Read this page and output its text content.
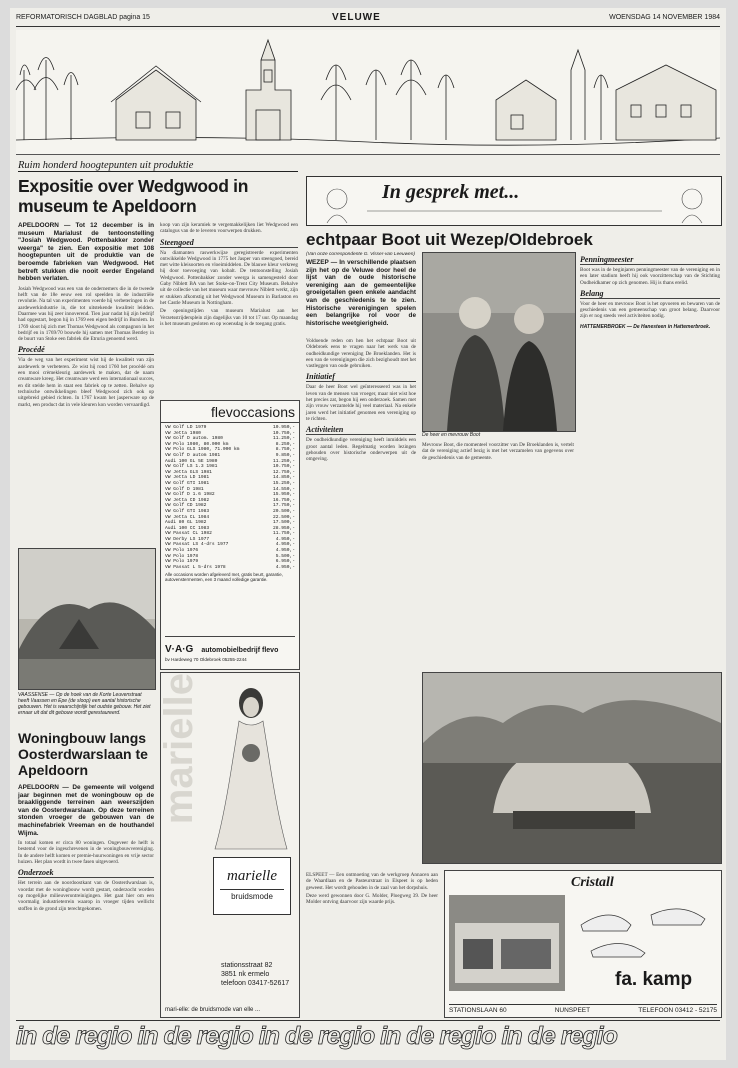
REFORMATORISCH DAGBLAD pagina 15	VELUWE	WOENSDAG 14 NOVEMBER 1984
Ruim honderd hoogtepunten uit produktie
Expositie over Wedgwood in museum te Apeldoorn
APELDOORN — Tot 12 december is in museum Marialust de tentoonstelling "Josiah Wedgwood. Pottenbakker zonder weerga" te zien. Een expositie met 108 hoogtepunten uit de produktie van de beroemde fabrieken van Wedgwood. Het betreft stukken die nooit eerder Engeland hebben verlaten.
Josiah Wedgwood was een van de ondernemers die in de tweede helft van de 18e eeuw een rol speelden in de industriële revolutie. Na tal van experimenten voerde hij verbeteringen in de aardewerkindustrie in, die tot uitstekende kwaliteit leidden. Daarmee was hij zeer innoverend. Tien jaar nadat hij zijn bedrijf had opgestart, begon hij in 1769 een eigen bedrijf in Burslem. In 1769 sloot hij zich met Thomas Wedgwood als compagnon in het bedrijf en in 1769/70 bouwde hij samen met Thomas Bentley in de buurt van Stoke een fabriek die Etruria genoemd werd.
Procédé
Via de weg van het experiment wist hij de kwaliteit van zijn aardewerk te verbeteren. Ze wist hij rond 1760 het procédé om een mooi crèmekleurig aardewerk te maken, dat de naam creamware kreeg. Het creamware werd een internationaal succes, en dit stelde hem in staat een fabriek op te zetten. Behalve op technische ontwikkelingen bleef Wedgwood zich ook op uitgebreid gebied richten. In 1767 kwam het jasperware op de markt, een product dat in vele kleuren kon worden vervaardigd.
koop van zijn keramiek te vergemakkelijken liet Wedgwood een catalogus van de te leveren voorwerpen drukken.
Steengoed
Na diamanten raswerkwijze geregistreerde experimenten ontwikkelde Wedgwood in 1775 het Jasper van steengoed, bereid met witte kleisoorten en vloeimiddelen. De blauwe kleur verkreeg hij door toevoeging van kobalt. De tentoonstelling Josiah Wedgwood. Pottenbakker zonder weerga is samengesteld door Gaby Niblett BA van het Stoke-on-Trent City Museum. Behalve uit de collectie van het museum waar mevrouw Niblett werkt, zijn er stukken afkomstig uit het Wedgwood Museum in Barlaston en het Castle Museum in Nottingham.
De openingstijden van museum Marialust aan het Verzetsstrijdersplein zijn dagelijks van 10 tot 17 uur. Op maandag is het museum gesloten en op woensdag is de toegang gratis.
VAASSENSE — Op de hoek van de Korte Leuvenstraat heeft Vaassen en Epe (de sloop) een aantal historische gebouwen. Het is waarschijnlijk het oudste gebouw. Het ziet ernaar uit dat dit gebouw wordt gerestaureerd.
Woningbouw langs Oosterdwarslaan te Apeldoorn
APELDOORN — De gemeente wil volgend jaar beginnen met de woningbouw op de braakliggende terreinen aan weerszijden van de Oosterdwarslaan. Op deze terreinen stonden vroeger de gebouwen van de machinefabriek Vreeman en de houthandel Wijma.
In totaal komen er circa 80 woningen. Ongeveer de helft is bestemd voor de ingeschrevenen in de woningbouwvereniging. In de andere helft komen er premie-huurwoningen en vrije sector huizen. Het plan wordt in twee fasen uitgevoerd.
Onderzoek
Het terrein aan de noordoostkant van de Oosterdwarslaan is, voordat met de woningbouw wordt gestart, onderzocht worden op mogelijke milieuverontreinigingen. Het gaat hier om een voormalig industrieterrein waarop in vroeger tijden wellicht stoffen in de grond zijn terechtgekomen.
flevoccasions
VW Golf LD 1979	10.950,-
VW Jetta 1980	10.750,-
VW Golf D autom. 1980	11.250,-
VW Polo 1980, 80.000 km	8.250,-
VW Polo GLS 1980, 71.000 km	8.750,-
VW Golf D autom 1981	9.850,-
Audi 100 GL 5E 1980	11.250,-
VW Golf LS 1.3 1981	10.750,-
VW Jetta GLS 1981	12.750,-
VW Jetta LD 1981	14.850,-
VW Golf GTI 1981	15.250,-
VW Golf D 1981	14.550,-
VW Golf D 1.6 1982	15.950,-
VW Jetta CD 1982	16.750,-
VW Golf CD 1982	17.750,-
VW Golf GTI 1983	20.500,-
VW Jetta CL 1984	22.500,-
Audi 80 GL 1982	17.500,-
Audi 100 CC 1983	28.950,-
VW Passat CL 1982	11.750,-
VW Derby LS 1977	4.950,-
VW Passat LS 4-drs 1977	4.950,-
VW Polo 1976	4.950,-
VW Polo 1978	5.500,-
VW Polo 1979	6.950,-
VW Passat L 5-drs 1978	4.950,-
Alle occasions worden afgeleverd met, gratis beurt, garantie, autovenstermenten, een 3 maand volledige garantie.
V·A·G automobielbedrijf flevo
bv Hardeweg 70 Oldebroek 05255-2244
marielle
marielle
bruidsmode
stationsstraat 82
3851 nk ermelo
telefoon 03417-52617
mari-elle: de bruidsmode van elle ...
In gesprek met...
echtpaar Boot uit Wezep/Oldebroek
(Van onze correspondente G. Visser-van Leeuwen)
WEZEP — In verschillende plaatsen zijn het op de Veluwe door heel de lijst van de oude historische vereniging aan de gemeentelijke groeigetallen geen enkele aandacht van de geschiedenis te te zien. Historische verenigingen spelen een belangrijke rol voor de historische weetgierigheid.
Voldoende reden om hen het echtpaar Boot uit Oldebroek eens te vragen naar het werk van de oudheidkundige vereniging De Broeklanden. Het is een van de verenigingen die zich bezighoudt met het vastleggen van oude gebruiken.
Initiatief
Daar de heer Boot wel geïnteresseerd was in het leven van de mensen van vroeger, maar niet wist hoe het precies zat, begon hij een onderzoek. Samen met zijn vrouw verzamelde hij veel materiaal. Na enkele jaren werd het initiatief genomen een vereniging op te richten.
Activiteiten
De oudheidkundige vereniging heeft inmiddels een groot aantal leden. Regelmatig worden lezingen gehouden over historische onderwerpen uit de omgeving.
De heer en mevrouw Boot
Mevrouw Boot, die momenteel voorzitter van De Broeklanden is, vertelt dat de vereniging actief bezig is met het verzamelen van gegevens over de geschiedenis van de gemeente.
Penningmeester
Boot was in de beginjaren penningmeester van de vereniging en in een later stadium heeft hij ook voorzitterschap van de Stichting Oudheidkamer op zich genomen. Hij is thans erelid.
Belang
Voor de heer en mevrouw Boot is het opvoeren en bewaren van de geschiedenis van een gemeenschap van groot belang. Daarvoor zijn er nog steeds veel activiteiten nodig.
HATTEMERBROEK — De Hanesteen in Hattemerbroek.
ELSPEET — Een ontmoeting van de werkgroep Annacen aan de Waardlaan en de Pasteurstraat in Elspeet is op heden geweest. Het wordt gehouden in de zaal van het dorpshuis.
Deze werd gewonnen door G. Molder, Ploegweg 39. De heer Molder ontving daarvoor zijn waarde prijs.
Cristall
fa. kamp
STATIONSLAAN 60	NUNSPEET	TELEFOON 03412 - 52175
in de regio in de regio in de regio in de regio in de regio
